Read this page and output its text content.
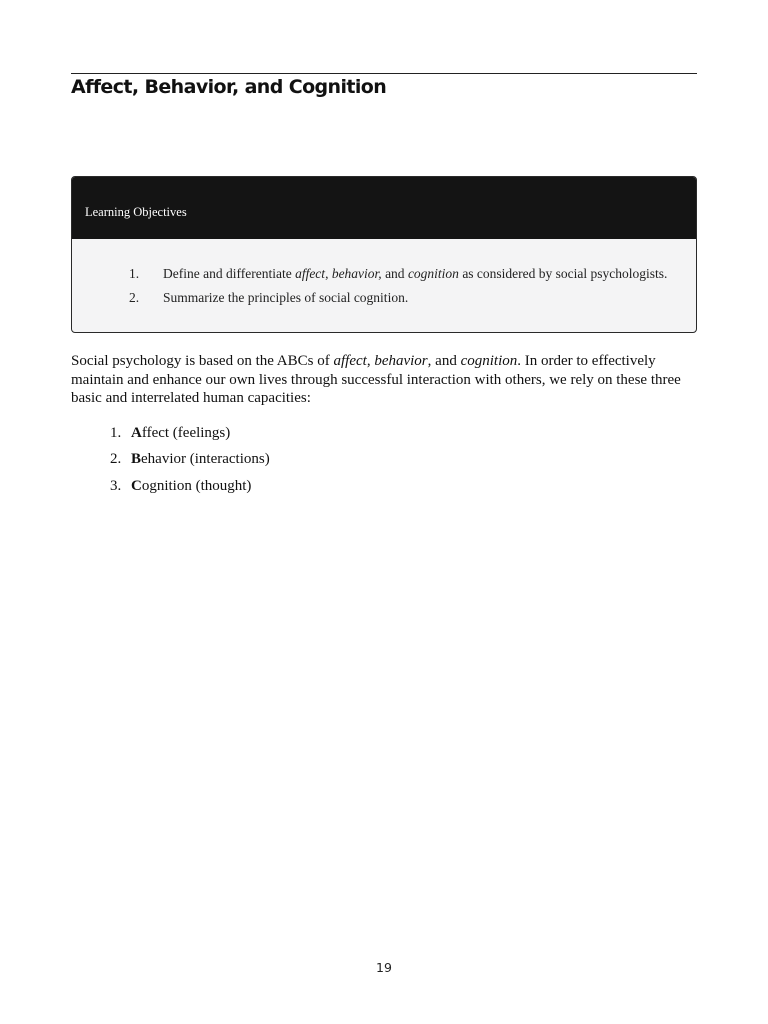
Affect, Behavior, and Cognition
Learning Objectives
1. Define and differentiate affect, behavior, and cognition as considered by social psychologists.
2. Summarize the principles of social cognition.

Social psychology is based on the ABCs of affect, behavior, and cognition. In order to effectively maintain and enhance our own lives through successful interaction with others, we rely on these three basic and interrelated human capacities:

1. Affect (feelings)
2. Behavior (interactions)
3. Cognition (thought)
19
